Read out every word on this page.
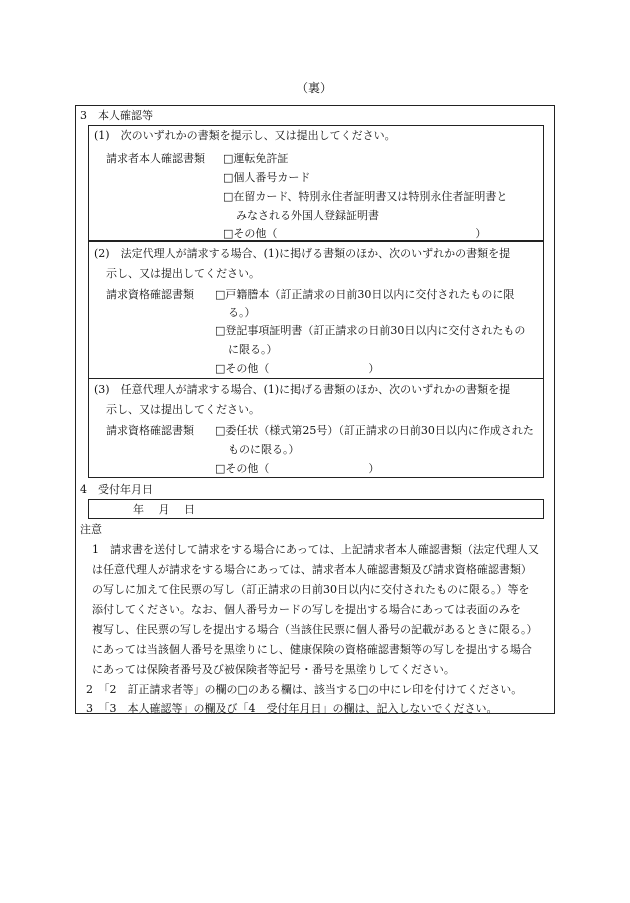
（裏）
3　本人確認等
(1)　次のいずれかの書類を提示し、又は提出してください。
請求者本人確認書類 □運転免許証
□個人番号カード
□在留カード、特別永住者証明書又は特別永住者証明書と
みなされる外国人登録証明書
□その他（　　　　　　　　　　　　　　　　　　）
(2)　法定代理人が請求する場合、(1)に掲げる書類のほか、次のいずれかの書類を提
示し、又は提出してください。
請求資格確認書類 □戸籍謄本（訂正請求の日前30日以内に交付されたものに限
る。）
□登記事項証明書（訂正請求の日前30日以内に交付されたもの
に限る。）
□その他（　　　　　　　　　）
(3)　任意代理人が請求する場合、(1)に掲げる書類のほか、次のいずれかの書類を提
示し、又は提出してください。
請求資格確認書類 □委任状（様式第25号）（訂正請求の日前30日以内に作成された
ものに限る。）
□その他（　　　　　　　　　）
4　受付年月日
年　 月　 日
注意
1　請求書を送付して請求をする場合にあっては、上記請求者本人確認書類（法定代理人又
は任意代理人が請求をする場合にあっては、請求者本人確認書類及び請求資格確認書類）
の写しに加えて住民票の写し（訂正請求の日前30日以内に交付されたものに限る。）等を
添付してください。なお、個人番号カードの写しを提出する場合にあっては表面のみを
複写し、住民票の写しを提出する場合（当該住民票に個人番号の記載があるときに限る。）
にあっては当該個人番号を黒塗りにし、健康保険の資格確認書類等の写しを提出する場合
にあっては保険者番号及び被保険者等記号・番号を黒塗りしてください。
2　「2　訂正請求者等」の欄の□のある欄は、該当する□の中にレ印を付けてください。
3　「3　本人確認等」の欄及び「4　受付年月日」の欄は、記入しないでください。
